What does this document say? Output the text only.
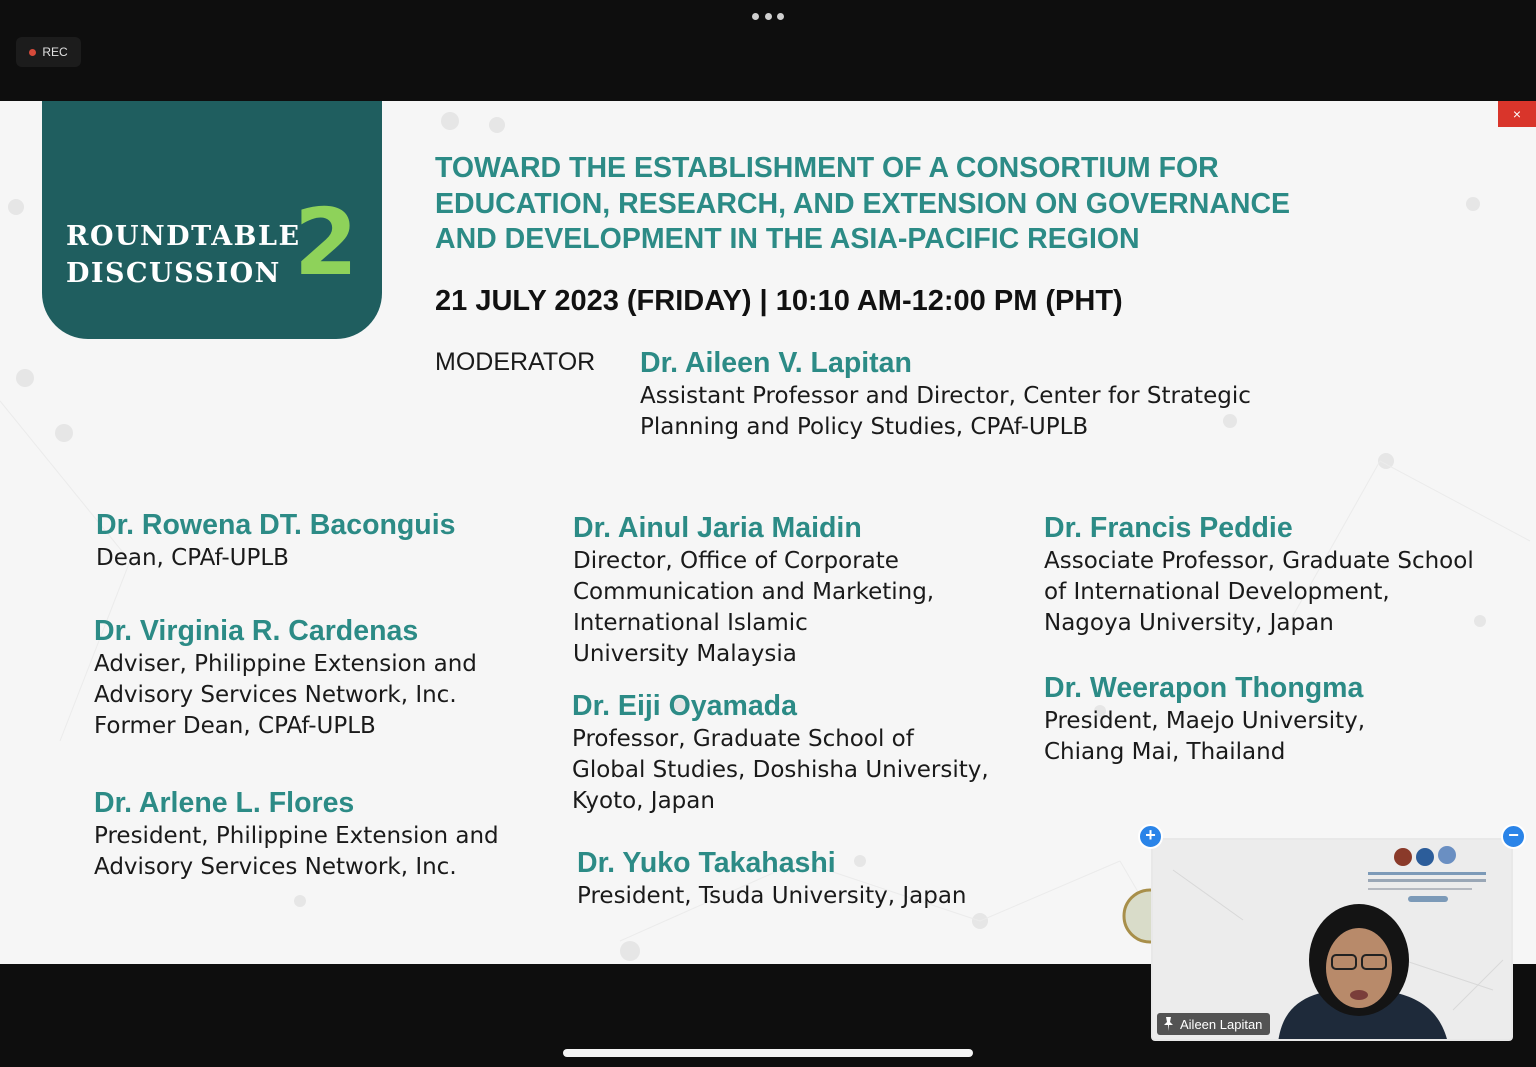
REC
×
ROUNDTABLE
DISCUSSION 2
TOWARD THE ESTABLISHMENT OF A CONSORTIUM FOR
EDUCATION, RESEARCH, AND EXTENSION ON GOVERNANCE
AND DEVELOPMENT IN THE ASIA-PACIFIC REGION
21 JULY 2023 (FRIDAY) | 10:10 AM-12:00 PM (PHT)
MODERATOR Dr. Aileen V. Lapitan
Assistant Professor and Director, Center for Strategic
Planning and Policy Studies, CPAf-UPLB
Dr. Rowena DT. Baconguis
Dean, CPAf-UPLB
Dr. Virginia R. Cardenas
Adviser, Philippine Extension and
Advisory Services Network, Inc.
Former Dean, CPAf-UPLB
Dr. Arlene L. Flores
President, Philippine Extension and
Advisory Services Network, Inc.
Dr. Ainul Jaria Maidin
Director, Office of Corporate
Communication and Marketing,
International Islamic
University Malaysia
Dr. Eiji Oyamada
Professor, Graduate School of
Global Studies, Doshisha University,
Kyoto, Japan
Dr. Yuko Takahashi
President, Tsuda University, Japan
Dr. Francis Peddie
Associate Professor, Graduate School
of International Development,
Nagoya University, Japan
Dr. Weerapon Thongma
President, Maejo University,
Chiang Mai, Thailand
+	−
Aileen Lapitan
